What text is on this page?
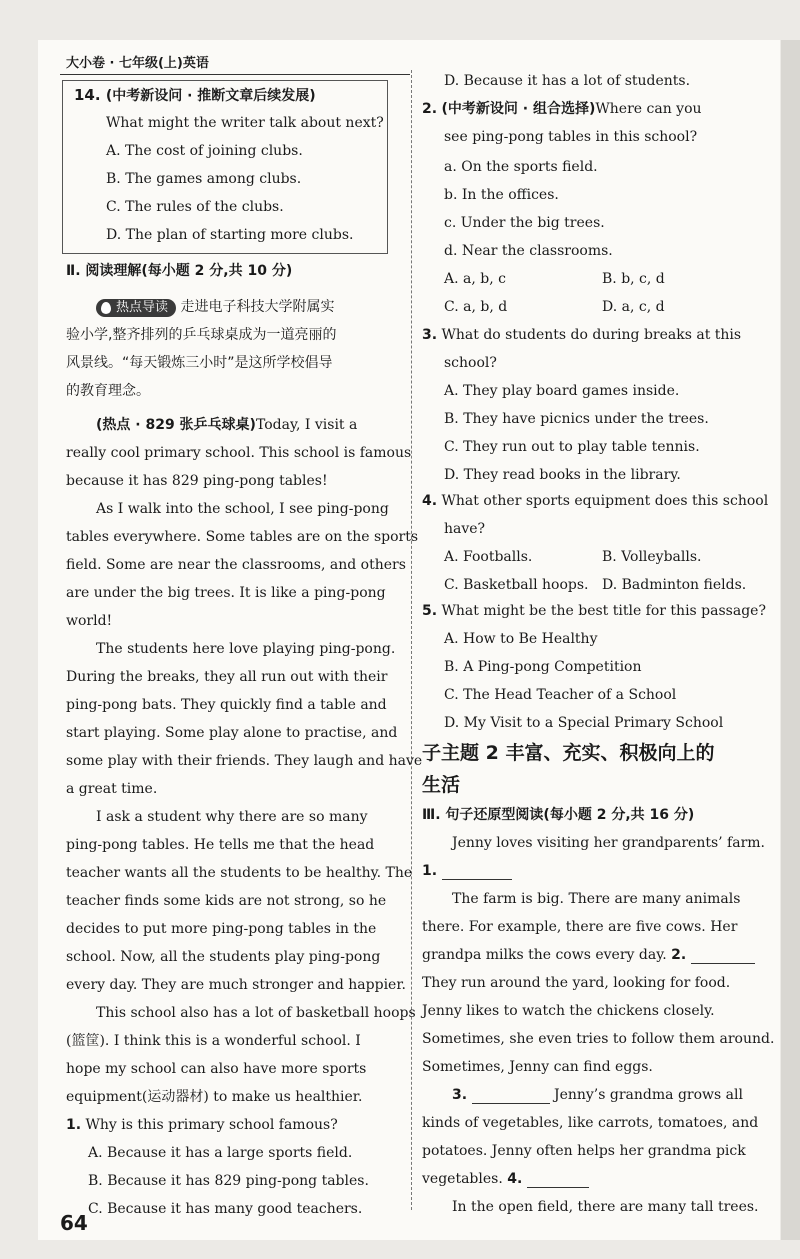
大小卷 · 七年级(上)英语
14. (中考新设问 · 推断文章后续发展)
What might the writer talk about next?
A. The cost of joining clubs.
B. The games among clubs.
C. The rules of the clubs.
D. The plan of starting more clubs.
Ⅱ. 阅读理解(每小题 2 分,共 10 分)
热点导读 走进电子科技大学附属实
验小学,整齐排列的乒乓球桌成为一道亮丽的
风景线。“每天锻炼三小时”是这所学校倡导
的教育理念。
(热点 · 829 张乒乓球桌)Today, I visit a
really cool primary school. This school is famous
because it has 829 ping-pong tables!
As I walk into the school, I see ping-pong
tables everywhere. Some tables are on the sports
field. Some are near the classrooms, and others
are under the big trees. It is like a ping-pong
world!
The students here love playing ping-pong.
During the breaks, they all run out with their
ping-pong bats. They quickly find a table and
start playing. Some play alone to practise, and
some play with their friends. They laugh and have
a great time.
I ask a student why there are so many
ping-pong tables. He tells me that the head
teacher wants all the students to be healthy. The
teacher finds some kids are not strong, so he
decides to put more ping-pong tables in the
school. Now, all the students play ping-pong
every day. They are much stronger and happier.
This school also has a lot of basketball hoops
(篮筐). I think this is a wonderful school. I
hope my school can also have more sports
equipment(运动器材) to make us healthier.
1. Why is this primary school famous?
A. Because it has a large sports field.
B. Because it has 829 ping-pong tables.
C. Because it has many good teachers.
64
D. Because it has a lot of students.
2. (中考新设问 · 组合选择)Where can you
see ping-pong tables in this school?
a. On the sports field.
b. In the offices.
c. Under the big trees.
d. Near the classrooms.
A. a, b, c	B. b, c, d
C. a, b, d	D. a, c, d
3. What do students do during breaks at this
school?
A. They play board games inside.
B. They have picnics under the trees.
C. They run out to play table tennis.
D. They read books in the library.
4. What other sports equipment does this school
have?
A. Footballs.	B. Volleyballs.
C. Basketball hoops. D. Badminton fields.
5. What might be the best title for this passage?
A. How to Be Healthy
B. A Ping-pong Competition
C. The Head Teacher of a School
D. My Visit to a Special Primary School
子主题 2 丰富、充实、积极向上的
生活
Ⅲ. 句子还原型阅读(每小题 2 分,共 16 分)
Jenny loves visiting her grandparents’ farm.
1.
The farm is big. There are many animals
there. For example, there are five cows. Her
grandpa milks the cows every day. 2.
They run around the yard, looking for food.
Jenny likes to watch the chickens closely.
Sometimes, she even tries to follow them around.
Sometimes, Jenny can find eggs.
3.	Jenny’s grandma grows all
kinds of vegetables, like carrots, tomatoes, and
potatoes. Jenny often helps her grandma pick
vegetables. 4.
In the open field, there are many tall trees.
